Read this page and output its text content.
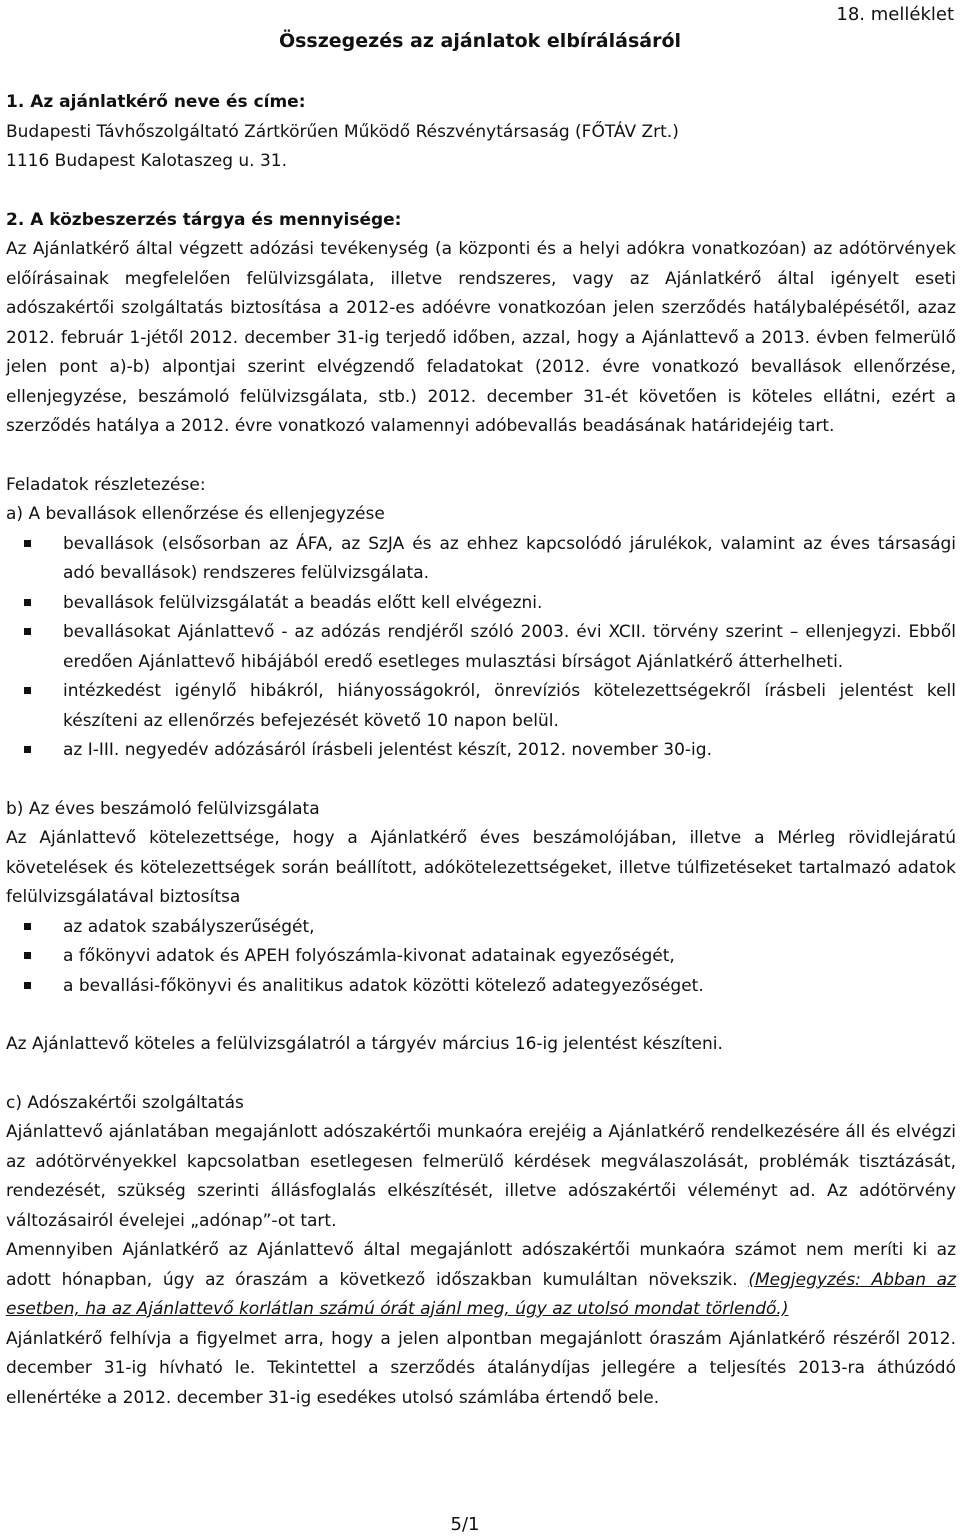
18. melléklet
Összegezés az ajánlatok elbírálásáról

1. Az ajánlatkérő neve és címe:

Budapesti Távhőszolgáltató Zártkörűen Működő Részvénytársaság (FŐTÁV Zrt.)

1116 Budapest Kalotaszeg u. 31.

2. A közbeszerzés tárgya és mennyisége:

Az Ajánlatkérő által végzett adózási tevékenység (a központi és a helyi adókra vonatkozóan) az adótörvények előírásainak megfelelően felülvizsgálata, illetve rendszeres, vagy az Ajánlatkérő által igényelt eseti adószakértői szolgáltatás biztosítása a 2012-es adóévre vonatkozóan jelen szerződés hatálybalépésétől, azaz 2012. február 1-jétől 2012. december 31-ig terjedő időben, azzal, hogy a Ajánlattevő a 2013. évben felmerülő jelen pont a)-b) alpontjai szerint elvégzendő feladatokat (2012. évre vonatkozó bevallások ellenőrzése, ellenjegyzése, beszámoló felülvizsgálata, stb.) 2012. december 31-ét követően is köteles ellátni, ezért a szerződés hatálya a 2012. évre vonatkozó valamennyi adóbevallás beadásának határidejéig tart.

Feladatok részletezése:

a) A bevallások ellenőrzése és ellenjegyzése

bevallások (elsősorban az ÁFA, az SzJA és az ehhez kapcsolódó járulékok, valamint az éves társasági adó bevallások) rendszeres felülvizsgálata.
bevallások felülvizsgálatát a beadás előtt kell elvégezni.
bevallásokat Ajánlattevő - az adózás rendjéről szóló 2003. évi XCII. törvény szerint – ellenjegyzi. Ebből eredően Ajánlattevő hibájából eredő esetleges mulasztási bírságot Ajánlatkérő átterhelheti.
intézkedést igénylő hibákról, hiányosságokról, önrevíziós kötelezettségekről írásbeli jelentést kell készíteni az ellenőrzés befejezését követő 10 napon belül.
az I-III. negyedév adózásáról írásbeli jelentést készít, 2012. november 30-ig.

b) Az éves beszámoló felülvizsgálata

Az Ajánlattevő kötelezettsége, hogy a Ajánlatkérő éves beszámolójában, illetve a Mérleg rövidlejáratú követelések és kötelezettségek során beállított, adókötelezettségeket, illetve túlfizetéseket tartalmazó adatok felülvizsgálatával biztosítsa

az adatok szabályszerűségét,
a főkönyvi adatok és APEH folyószámla-kivonat adatainak egyezőségét,
a bevallási-főkönyvi és analitikus adatok közötti kötelező adategyezőséget.

Az Ajánlattevő köteles a felülvizsgálatról a tárgyév március 16-ig jelentést készíteni.

c) Adószakértői szolgáltatás

Ajánlattevő ajánlatában megajánlott adószakértői munkaóra erejéig a Ajánlatkérő rendelkezésére áll és elvégzi az adótörvényekkel kapcsolatban esetlegesen felmerülő kérdések megválaszolását, problémák tisztázását, rendezését, szükség szerinti állásfoglalás elkészítését, illetve adószakértői véleményt ad. Az adótörvény változásairól évelejei „adónap”-ot tart.

Amennyiben Ajánlatkérő az Ajánlattevő által megajánlott adószakértői munkaóra számot nem meríti ki az adott hónapban, úgy az óraszám a következő időszakban kumuláltan növekszik. (Megjegyzés: Abban az esetben, ha az Ajánlattevő korlátlan számú órát ajánl meg, úgy az utolsó mondat törlendő.)

Ajánlatkérő felhívja a figyelmet arra, hogy a jelen alpontban megajánlott óraszám Ajánlatkérő részéről 2012. december 31-ig hívható le. Tekintettel a szerződés átalánydíjas jellegére a teljesítés 2013-ra áthúzódó ellenértéke a 2012. december 31-ig esedékes utolsó számlába értendő bele.

5/1
